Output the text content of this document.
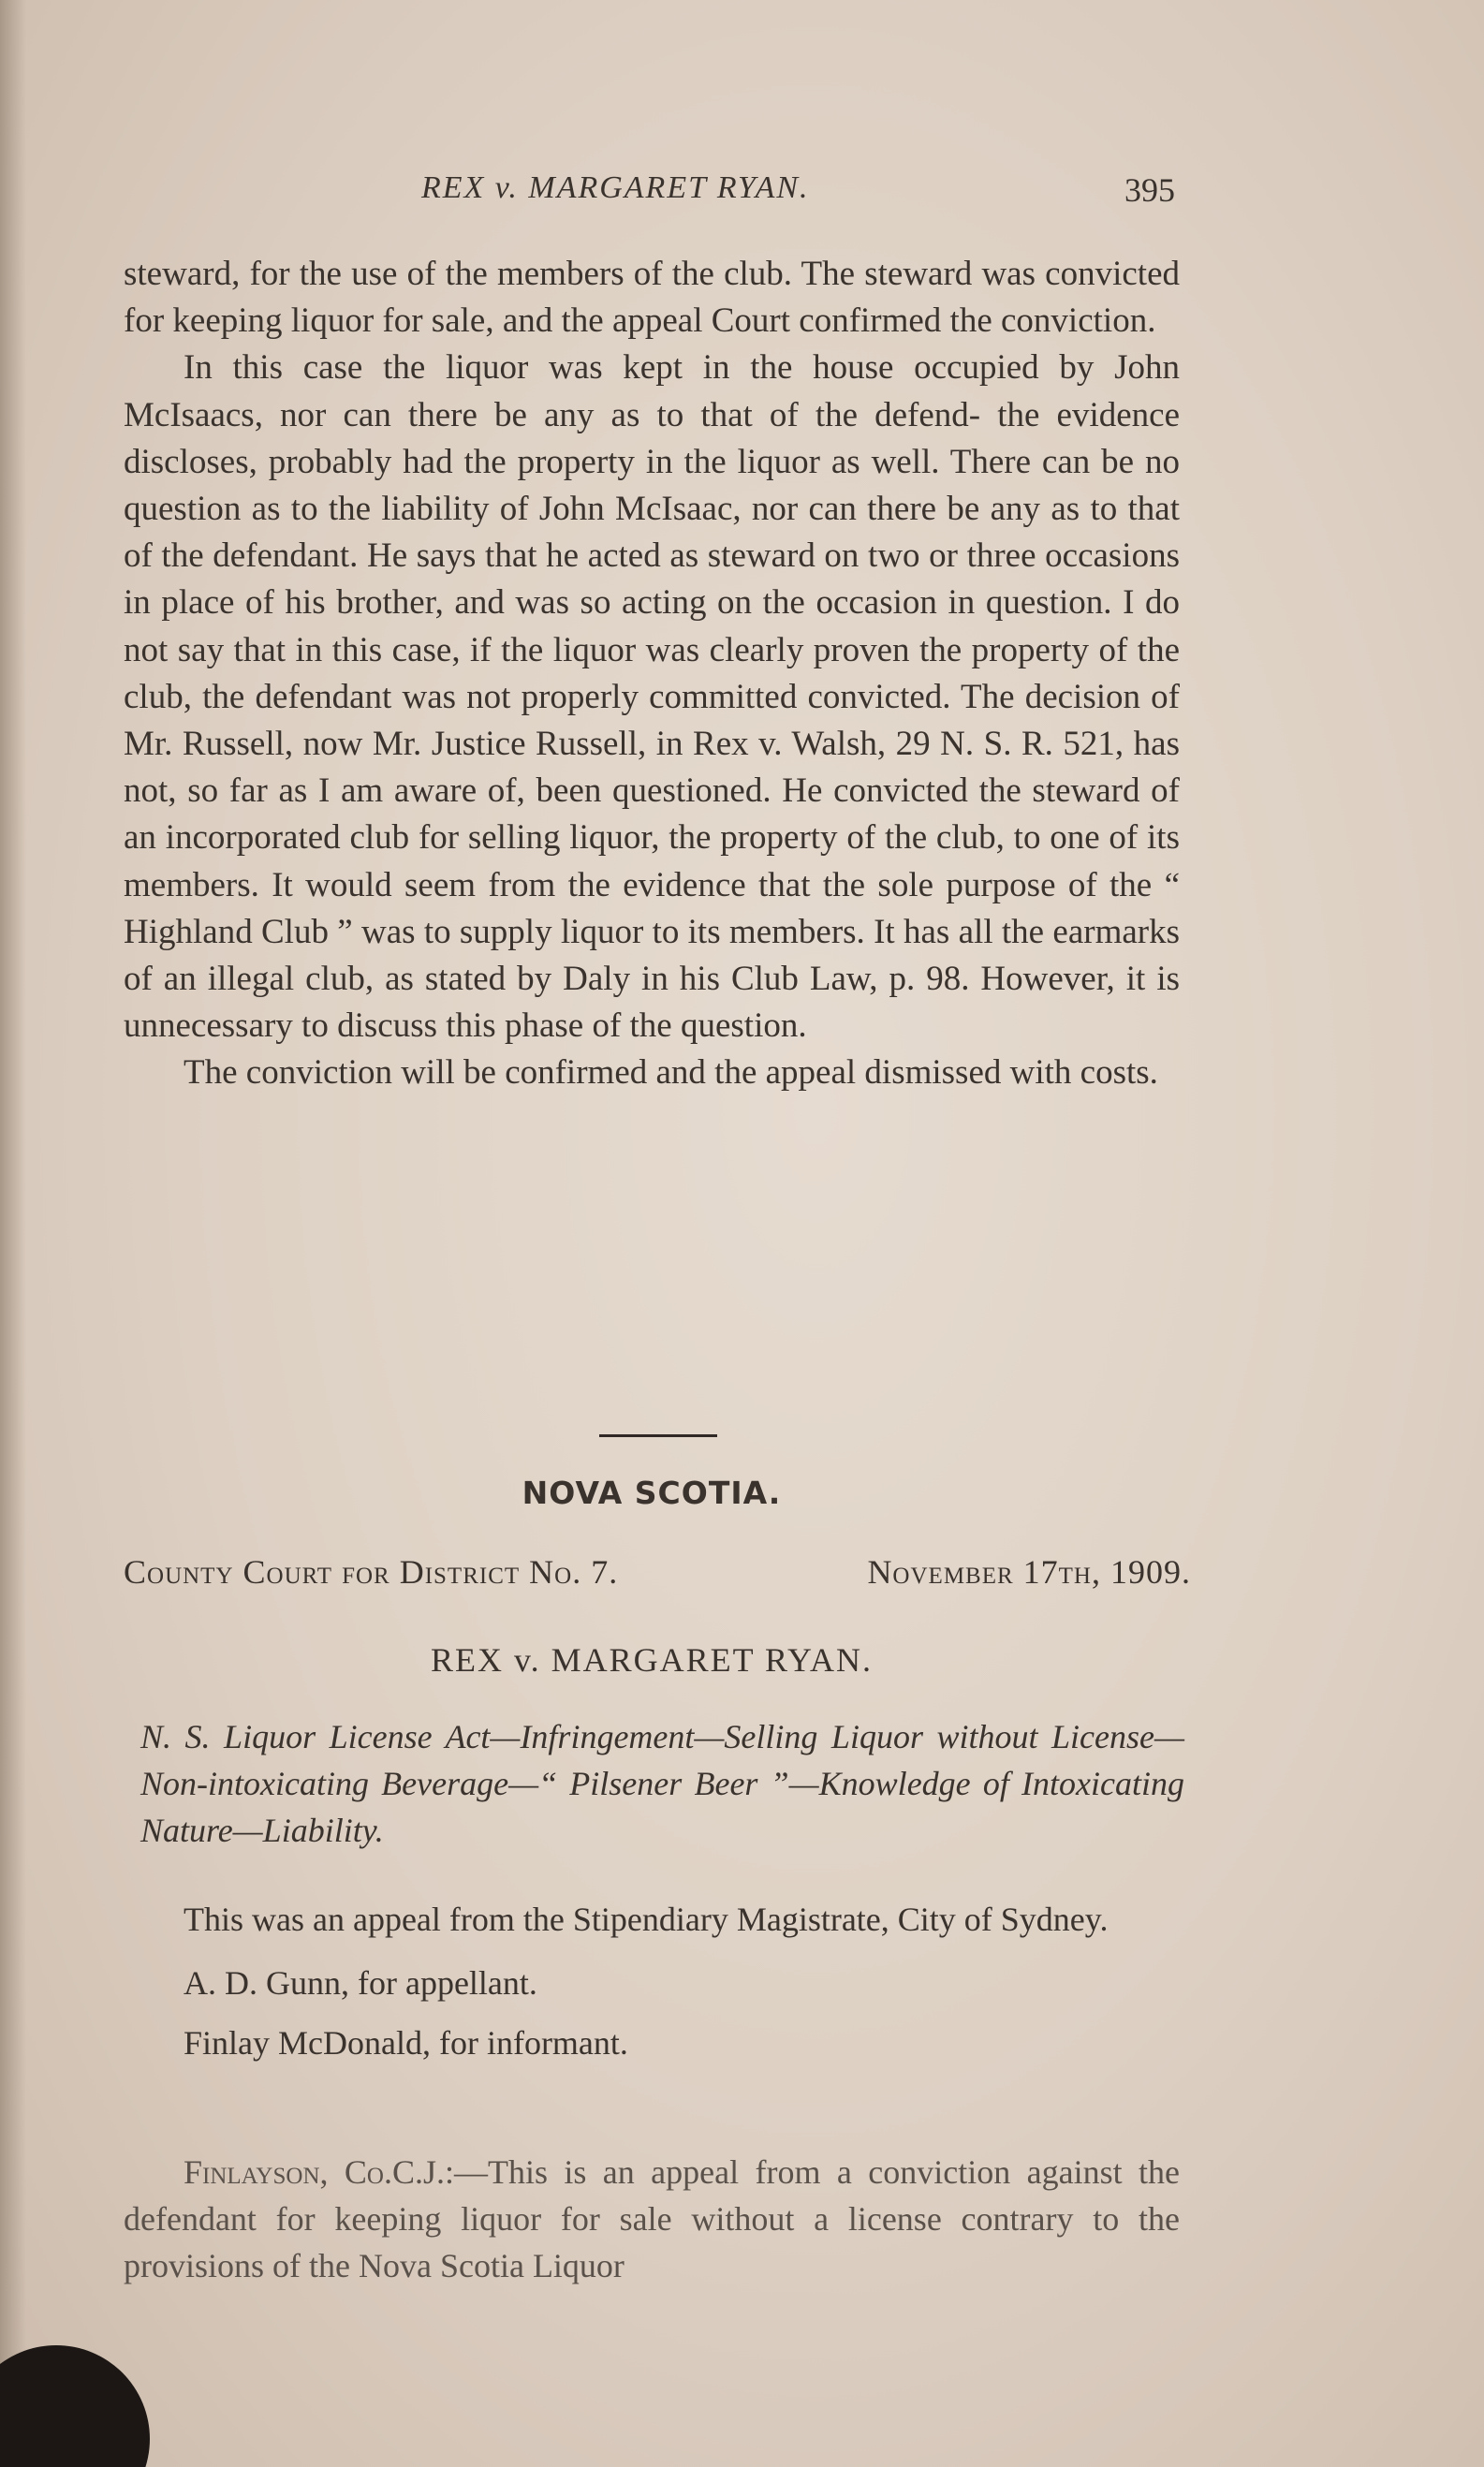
REX v. MARGARET RYAN.	395

steward, for the use of the members of the club. The steward was convicted for keeping liquor for sale, and the appeal Court confirmed the conviction.

In this case the liquor was kept in the house occupied by John McIsaacs, nor can there be any as to that of the defend- the evidence discloses, probably had the property in the liquor as well. There can be no question as to the liability of John McIsaac, nor can there be any as to that of the defendant. He says that he acted as steward on two or three occasions in place of his brother, and was so acting on the occasion in question. I do not say that in this case, if the liquor was clearly proven the property of the club, the defendant was not properly committed convicted. The decision of Mr. Russell, now Mr. Justice Russell, in Rex v. Walsh, 29 N. S. R. 521, has not, so far as I am aware of, been questioned. He convicted the steward of an incorporated club for selling liquor, the property of the club, to one of its members. It would seem from the evidence that the sole purpose of the “ Highland Club ” was to supply liquor to its members. It has all the earmarks of an illegal club, as stated by Daly in his Club Law, p. 98. However, it is unnecessary to discuss this phase of the question.

The conviction will be confirmed and the appeal dismissed with costs.

NOVA SCOTIA.
County Court for District No. 7.	November 17th, 1909.
REX v. MARGARET RYAN.
N. S. Liquor License Act—Infringement—Selling Liquor without License—Non-intoxicating Beverage—“ Pilsener Beer ”—Knowledge of Intoxicating Nature—Liability.

This was an appeal from the Stipendiary Magistrate, City of Sydney.

A. D. Gunn, for appellant.

Finlay McDonald, for informant.

Finlayson, Co.C.J.:—This is an appeal from a conviction against the defendant for keeping liquor for sale without a license contrary to the provisions of the Nova Scotia Liquor
